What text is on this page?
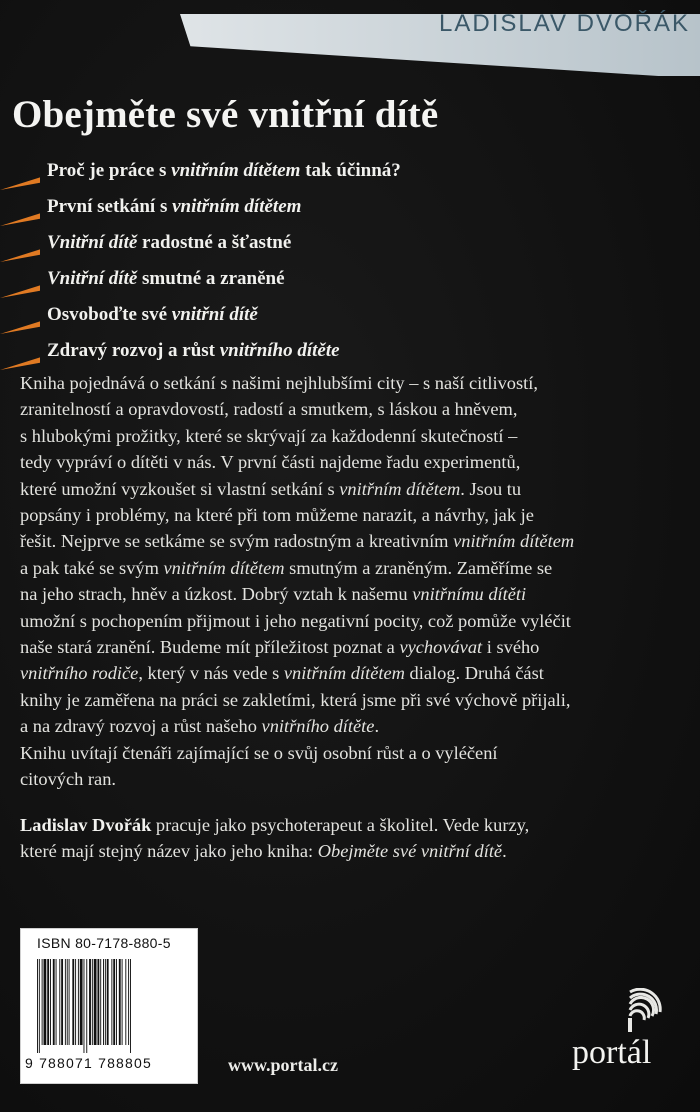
LADISLAV DVOŘÁK
Obejměte své vnitřní dítě
Proč je práce s vnitřním dítětem tak účinná?
První setkání s vnitřním dítětem
Vnitřní dítě radostné a šťastné
Vnitřní dítě smutné a zraněné
Osvoboďte své vnitřní dítě
Zdravý rozvoj a růst vnitřního dítěte

Kniha pojednává o setkání s našimi nejhlubšími city – s naší citlivostí,
zranitelností a opravdovostí, radostí a smutkem, s láskou a hněvem,
s hlubokými prožitky, které se skrývají za každodenní skutečností –
tedy vypráví o dítěti v nás. V první části najdeme řadu experimentů,
které umožní vyzkoušet si vlastní setkání s vnitřním dítětem. Jsou tu
popsány i problémy, na které při tom můžeme narazit, a návrhy, jak je
řešit. Nejprve se setkáme se svým radostným a kreativním vnitřním dítětem
a pak také se svým vnitřním dítětem smutným a zraněným. Zaměříme se
na jeho strach, hněv a úzkost. Dobrý vztah k našemu vnitřnímu dítěti
umožní s pochopením přijmout i jeho negativní pocity, což pomůže vyléčit
naše stará zranění. Budeme mít příležitost poznat a vychovávat i svého
vnitřního rodiče, který v nás vede s vnitřním dítětem dialog. Druhá část
knihy je zaměřena na práci se zakletími, která jsme při své výchově přijali,
a na zdravý rozvoj a růst našeho vnitřního dítěte.
Knihu uvítají čtenáři zajímající se o svůj osobní růst a o vyléčení
citových ran.

Ladislav Dvořák pracuje jako psychoterapeut a školitel. Vede kurzy,
které mají stejný název jako jeho kniha: Obejměte své vnitřní dítě.

ISBN 80-7178-880-5
9 788071 788805	www.portal.cz	portál
